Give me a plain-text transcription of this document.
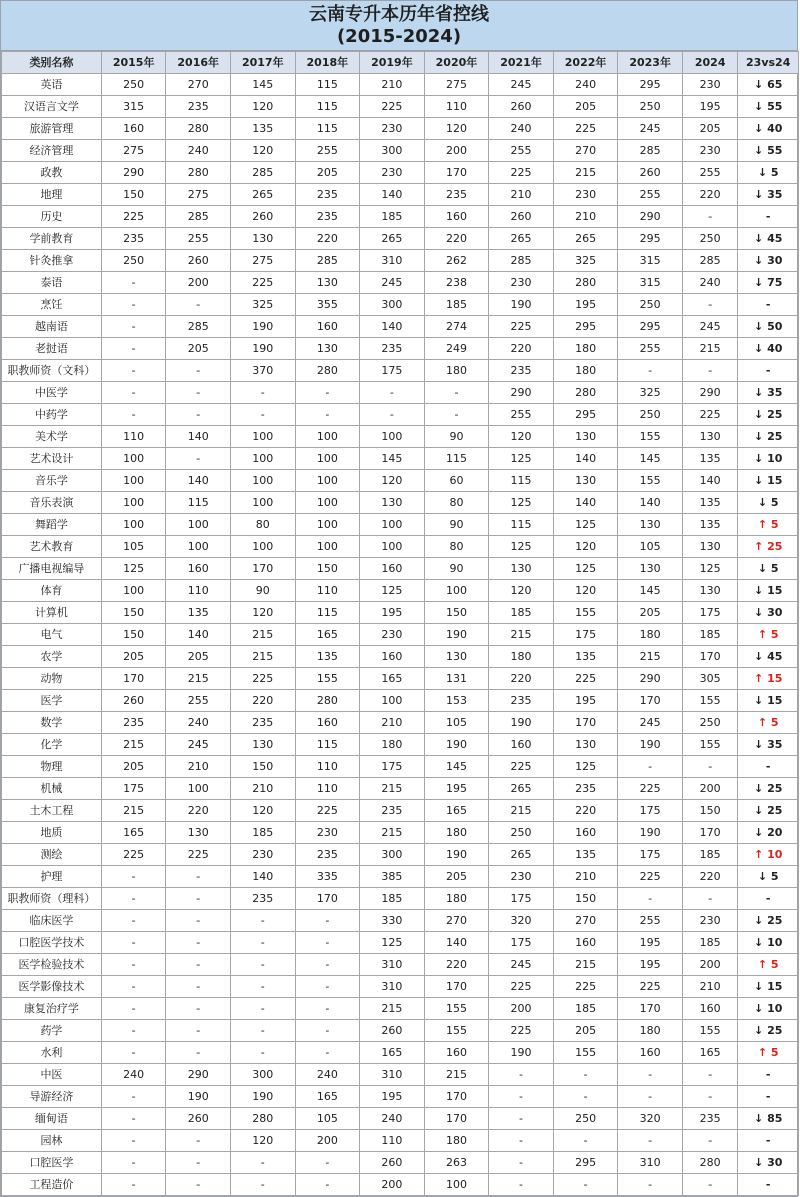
云南专升本历年省控线
(2015-2024)
类别名称	2015年	2016年	2017年	2018年	2019年	2020年	2021年	2022年	2023年	2024	23vs24
英语	250	270	145	115	210	275	245	240	295	230	↓ 65
汉语言文学	315	235	120	115	225	110	260	205	250	195	↓ 55
旅游管理	160	280	135	115	230	120	240	225	245	205	↓ 40
经济管理	275	240	120	255	300	200	255	270	285	230	↓ 55
政教	290	280	285	205	230	170	225	215	260	255	↓ 5
地理	150	275	265	235	140	235	210	230	255	220	↓ 35
历史	225	285	260	235	185	160	260	210	290	-	-
学前教育	235	255	130	220	265	220	265	265	295	250	↓ 45
针灸推拿	250	260	275	285	310	262	285	325	315	285	↓ 30
泰语	-	200	225	130	245	238	230	280	315	240	↓ 75
烹饪	-	-	325	355	300	185	190	195	250	-	-
越南语	-	285	190	160	140	274	225	295	295	245	↓ 50
老挝语	-	205	190	130	235	249	220	180	255	215	↓ 40
职教师资（文科）	-	-	370	280	175	180	235	180	-	-	-
中医学	-	-	-	-	-	-	290	280	325	290	↓ 35
中药学	-	-	-	-	-	-	255	295	250	225	↓ 25
美术学	110	140	100	100	100	90	120	130	155	130	↓ 25
艺术设计	100	-	100	100	145	115	125	140	145	135	↓ 10
音乐学	100	140	100	100	120	60	115	130	155	140	↓ 15
音乐表演	100	115	100	100	130	80	125	140	140	135	↓ 5
舞蹈学	100	100	80	100	100	90	115	125	130	135	↑ 5
艺术教育	105	100	100	100	100	80	125	120	105	130	↑ 25
广播电视编导	125	160	170	150	160	90	130	125	130	125	↓ 5
体育	100	110	90	110	125	100	120	120	145	130	↓ 15
计算机	150	135	120	115	195	150	185	155	205	175	↓ 30
电气	150	140	215	165	230	190	215	175	180	185	↑ 5
农学	205	205	215	135	160	130	180	135	215	170	↓ 45
动物	170	215	225	155	165	131	220	225	290	305	↑ 15
医学	260	255	220	280	100	153	235	195	170	155	↓ 15
数学	235	240	235	160	210	105	190	170	245	250	↑ 5
化学	215	245	130	115	180	190	160	130	190	155	↓ 35
物理	205	210	150	110	175	145	225	125	-	-	-
机械	175	100	210	110	215	195	265	235	225	200	↓ 25
土木工程	215	220	120	225	235	165	215	220	175	150	↓ 25
地质	165	130	185	230	215	180	250	160	190	170	↓ 20
测绘	225	225	230	235	300	190	265	135	175	185	↑ 10
护理	-	-	140	335	385	205	230	210	225	220	↓ 5
职教师资（理科）	-	-	235	170	185	180	175	150	-	-	-
临床医学	-	-	-	-	330	270	320	270	255	230	↓ 25
口腔医学技术	-	-	-	-	125	140	175	160	195	185	↓ 10
医学检验技术	-	-	-	-	310	220	245	215	195	200	↑ 5
医学影像技术	-	-	-	-	310	170	225	225	225	210	↓ 15
康复治疗学	-	-	-	-	215	155	200	185	170	160	↓ 10
药学	-	-	-	-	260	155	225	205	180	155	↓ 25
水利	-	-	-	-	165	160	190	155	160	165	↑ 5
中医	240	290	300	240	310	215	-	-	-	-	-
导游经济	-	190	190	165	195	170	-	-	-	-	-
缅甸语	-	260	280	105	240	170	-	250	320	235	↓ 85
园林	-	-	120	200	110	180	-	-	-	-	-
口腔医学	-	-	-	-	260	263	-	295	310	280	↓ 30
工程造价	-	-	-	-	200	100	-	-	-	-	-
